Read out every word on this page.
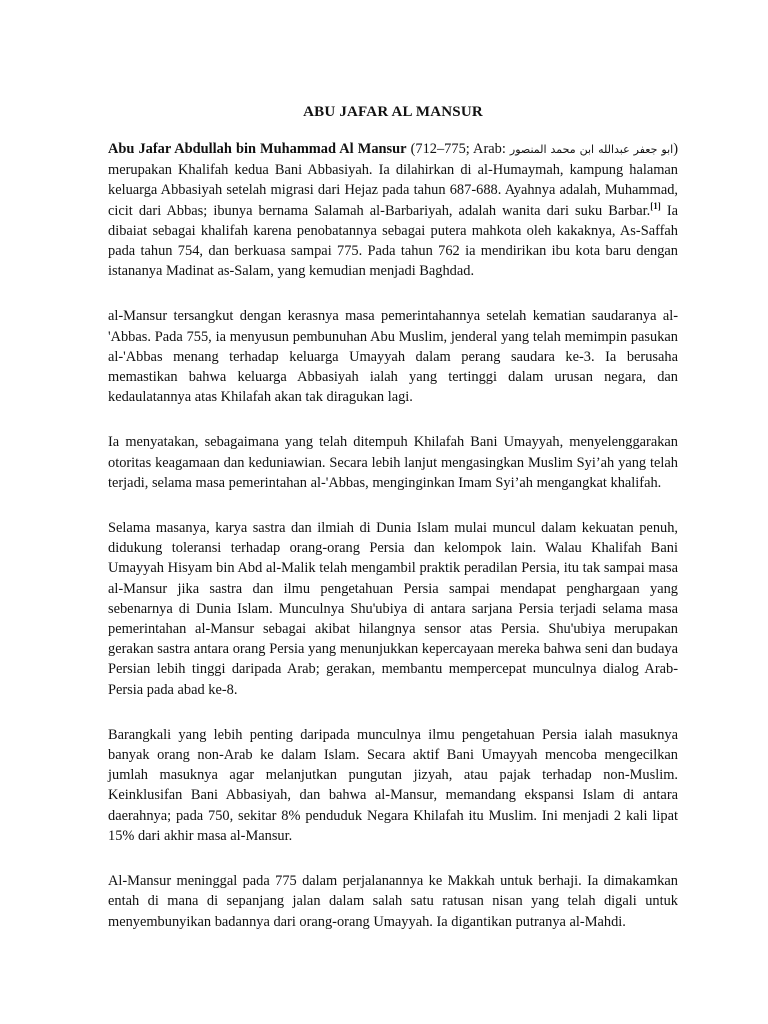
ABU JAFAR AL MANSUR

Abu Jafar Abdullah bin Muhammad Al Mansur (712–775; Arab: ابو جعفر عبدالله ابن محمد المنصور) merupakan Khalifah kedua Bani Abbasiyah. Ia dilahirkan di al-Humaymah, kampung halaman keluarga Abbasiyah setelah migrasi dari Hejaz pada tahun 687-688. Ayahnya adalah, Muhammad, cicit dari Abbas; ibunya bernama Salamah al-Barbariyah, adalah wanita dari suku Barbar.[1] Ia dibaiat sebagai khalifah karena penobatannya sebagai putera mahkota oleh kakaknya, As-Saffah pada tahun 754, dan berkuasa sampai 775. Pada tahun 762 ia mendirikan ibu kota baru dengan istananya Madinat as-Salam, yang kemudian menjadi Baghdad.

al-Mansur tersangkut dengan kerasnya masa pemerintahannya setelah kematian saudaranya al-'Abbas. Pada 755, ia menyusun pembunuhan Abu Muslim, jenderal yang telah memimpin pasukan al-'Abbas menang terhadap keluarga Umayyah dalam perang saudara ke-3. Ia berusaha memastikan bahwa keluarga Abbasiyah ialah yang tertinggi dalam urusan negara, dan kedaulatannya atas Khilafah akan tak diragukan lagi.

Ia menyatakan, sebagaimana yang telah ditempuh Khilafah Bani Umayyah, menyelenggarakan otoritas keagamaan dan keduniawian. Secara lebih lanjut mengasingkan Muslim Syi’ah yang telah terjadi, selama masa pemerintahan al-'Abbas, menginginkan Imam Syi’ah mengangkat khalifah.

Selama masanya, karya sastra dan ilmiah di Dunia Islam mulai muncul dalam kekuatan penuh, didukung toleransi terhadap orang-orang Persia dan kelompok lain. Walau Khalifah Bani Umayyah Hisyam bin Abd al-Malik telah mengambil praktik peradilan Persia, itu tak sampai masa al-Mansur jika sastra dan ilmu pengetahuan Persia sampai mendapat penghargaan yang sebenarnya di Dunia Islam. Munculnya Shu'ubiya di antara sarjana Persia terjadi selama masa pemerintahan al-Mansur sebagai akibat hilangnya sensor atas Persia. Shu'ubiya merupakan gerakan sastra antara orang Persia yang menunjukkan kepercayaan mereka bahwa seni dan budaya Persian lebih tinggi daripada Arab; gerakan, membantu mempercepat munculnya dialog Arab-Persia pada abad ke-8.

Barangkali yang lebih penting daripada munculnya ilmu pengetahuan Persia ialah masuknya banyak orang non-Arab ke dalam Islam. Secara aktif Bani Umayyah mencoba mengecilkan jumlah masuknya agar melanjutkan pungutan jizyah, atau pajak terhadap non-Muslim. Keinklusifan Bani Abbasiyah, dan bahwa al-Mansur, memandang ekspansi Islam di antara daerahnya; pada 750, sekitar 8% penduduk Negara Khilafah itu Muslim. Ini menjadi 2 kali lipat 15% dari akhir masa al-Mansur.

Al-Mansur meninggal pada 775 dalam perjalanannya ke Makkah untuk berhaji. Ia dimakamkan entah di mana di sepanjang jalan dalam salah satu ratusan nisan yang telah digali untuk menyembunyikan badannya dari orang-orang Umayyah. Ia digantikan putranya al-Mahdi.
